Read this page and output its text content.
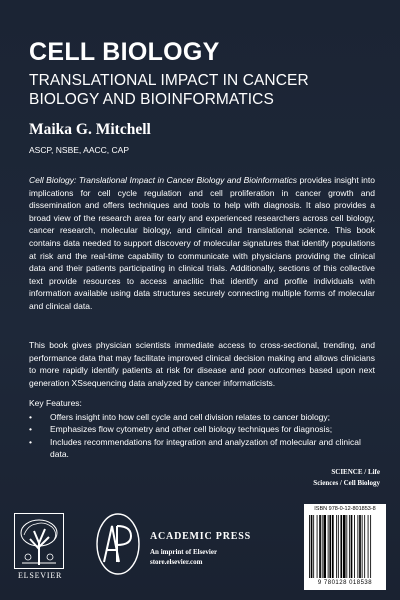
CELL BIOLOGY
TRANSLATIONAL IMPACT IN CANCER BIOLOGY AND BIOINFORMATICS
Maika G. Mitchell
ASCP, NSBE, AACC, CAP

Cell Biology: Translational Impact in Cancer Biology and Bioinformatics provides insight into implications for cell cycle regulation and cell proliferation in cancer growth and dissemination and offers techniques and tools to help with diagnosis. It also provides a broad view of the research area for early and experienced researchers across cell biology, cancer research, molecular biology, and clinical and translational science. This book contains data needed to support discovery of molecular signatures that identify populations at risk and the real-time capability to communicate with physicians providing the clinical data and their patients participating in clinical trials. Additionally, sections of this collective text provide resources to access anaclitic that identify and profile individuals with information available using data structures securely connecting multiple forms of molecular and clinical data.

This book gives physician scientists immediate access to cross-sectional, trending, and performance data that may facilitate improved clinical decision making and allows clinicians to more rapidly identify patients at risk for disease and poor outcomes based upon next generation XSsequencing data analyzed by cancer informaticists.

Key Features:
•	Offers insight into how cell cycle and cell division relates to cancer biology;
•	Emphasizes flow cytometry and other cell biology techniques for diagnosis;
•	Includes recommendations for integration and analyzation of molecular and clinical data.
SCIENCE / Life
Sciences / Cell Biology
ELSEVIER
ACADEMIC PRESS
An imprint of Elsevier
store.elsevier.com
ISBN 978-0-12-801853-8
9 780128 018538
